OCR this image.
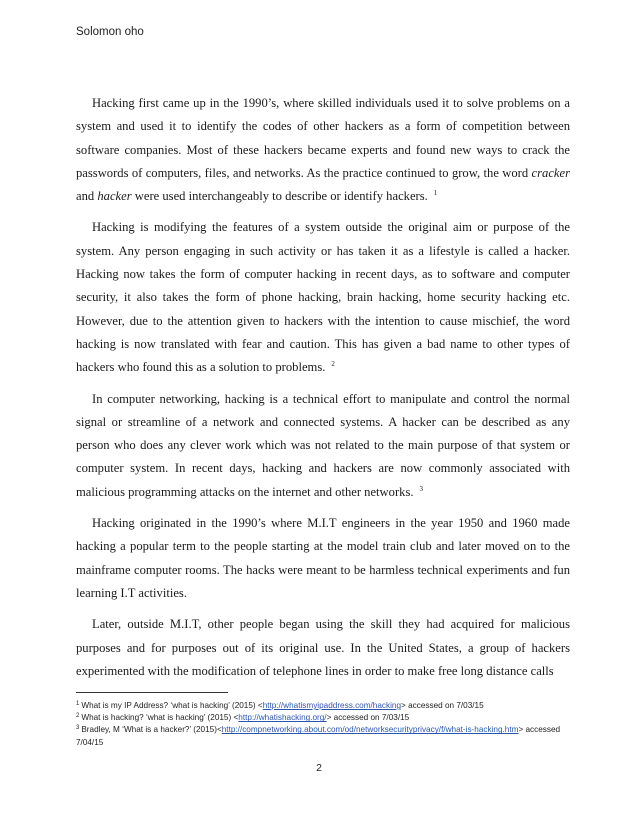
Solomon oho

Hacking first came up in the 1990’s, where skilled individuals used it to solve problems on a system and used it to identify the codes of other hackers as a form of competition between software companies. Most of these hackers became experts and found new ways to crack the passwords of computers, files, and networks. As the practice continued to grow, the word cracker and hacker were used interchangeably to describe or identify hackers. $^1$

Hacking is modifying the features of a system outside the original aim or purpose of the system. Any person engaging in such activity or has taken it as a lifestyle is called a hacker. Hacking now takes the form of computer hacking in recent days, as to software and computer security, it also takes the form of phone hacking, brain hacking, home security hacking etc. However, due to the attention given to hackers with the intention to cause mischief, the word hacking is now translated with fear and caution. This has given a bad name to other types of hackers who found this as a solution to problems. $^2$

In computer networking, hacking is a technical effort to manipulate and control the normal signal or streamline of a network and connected systems. A hacker can be described as any person who does any clever work which was not related to the main purpose of that system or computer system. In recent days, hacking and hackers are now commonly associated with malicious programming attacks on the internet and other networks. $^3$

Hacking originated in the 1990’s where M.I.T engineers in the year 1950 and 1960 made hacking a popular term to the people starting at the model train club and later moved on to the mainframe computer rooms. The hacks were meant to be harmless technical experiments and fun learning I.T activities.

Later, outside M.I.T, other people began using the skill they had acquired for malicious purposes and for purposes out of its original use. In the United States, a group of hackers experimented with the modification of telephone lines in order to make free long distance calls

$^1$ What is my IP Address? ‘what is hacking’ (2015) <http://whatismyipaddress.com/hacking> accessed on 7/03/15
$^2$ What is hacking? ‘what is hacking’ (2015) <http://whatishacking.org/> accessed on 7/03/15
$^3$ Bradley, M ‘What is a hacker?’ (2015)<http://compnetworking.about.com/od/networksecurityprivacy/f/what-is-hacking.htm> accessed 7/04/15
2
